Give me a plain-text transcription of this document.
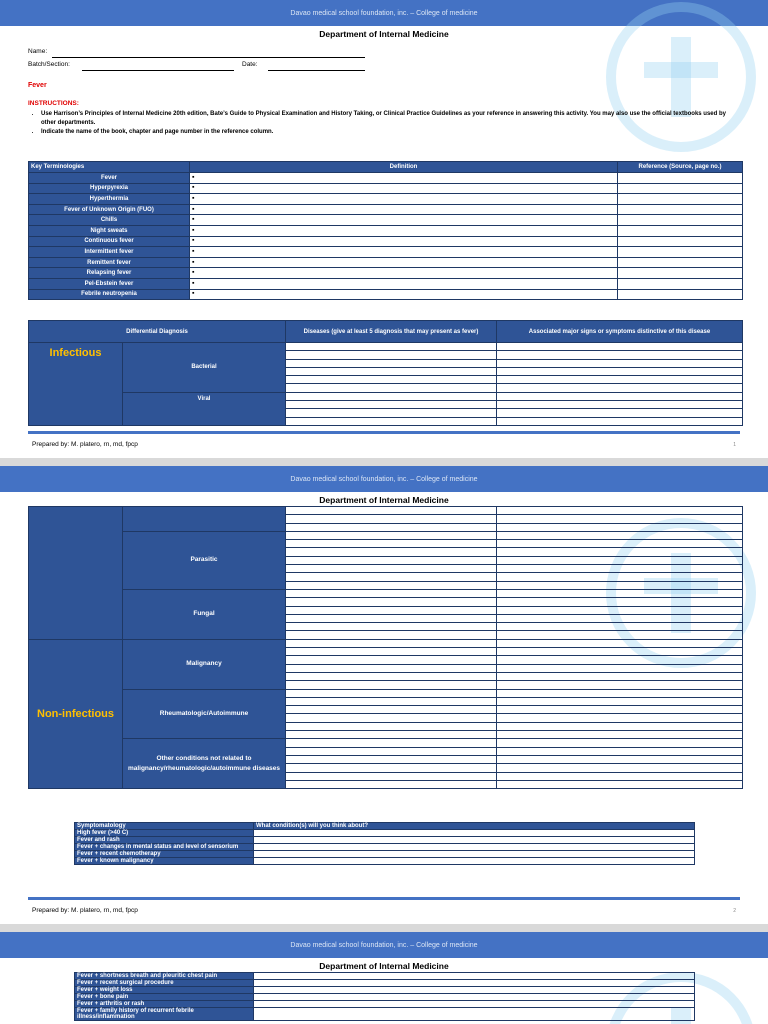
Davao medical school foundation, inc. – College of medicine
Department of Internal Medicine
Name:
Batch/Section:	Date:
Fever
INSTRUCTIONS:
• Use Harrison’s Principles of Internal Medicine 20th edition, Bate’s Guide to Physical Examination and History Taking, or Clinical Practice Guidelines as your reference in answering this activity. You may also use the official textbooks used by other departments.
• Indicate the name of the book, chapter and page number in the reference column.
Key Terminologies	Definition	Reference (Source, page no.)
Fever	▪	
Hyperpyrexia	▪	
Hyperthermia	▪	
Fever of Unknown Origin (FUO)	▪	
Chills	▪	
Night sweats	▪	
Continuous fever	▪	
Intermittent fever	▪	
Remittent fever	▪	
Relapsing fever	▪	
Pel-Ebstein fever	▪	
Febrile neutropenia	▪	
Differential Diagnosis		Diseases (give at least 5 diagnosis that may present as fever)	Associated major signs or symptoms distinctive of this disease
Infectious	Bacterial		

	Viral		

Prepared by: M. platero, rn, md, fpcp	1
Davao medical school foundation, inc. – College of medicine
Department of Internal Medicine

	Parasitic		

	Fungal		

Non-infectious	Malignancy		

	Rheumatologic/Autoimmune		

	Other conditions not related to malignancy/rheumatologic/autoimmune diseases		

Symptomatology	What condition(s) will you think about?
High fever (>40 C)	
Fever and rash	
Fever + changes in mental status and level of sensorium	
Fever + recent chemotherapy	
Fever + known malignancy	
Prepared by: M. platero, rn, md, fpcp	2
Davao medical school foundation, inc. – College of medicine
Department of Internal Medicine
Fever + shortness breath and pleuritic chest pain	
Fever + recent surgical procedure	
Fever + weight loss	
Fever + bone pain	
Fever + arthritis or rash	
Fever + family history of recurrent febrile illness/inflammation	
